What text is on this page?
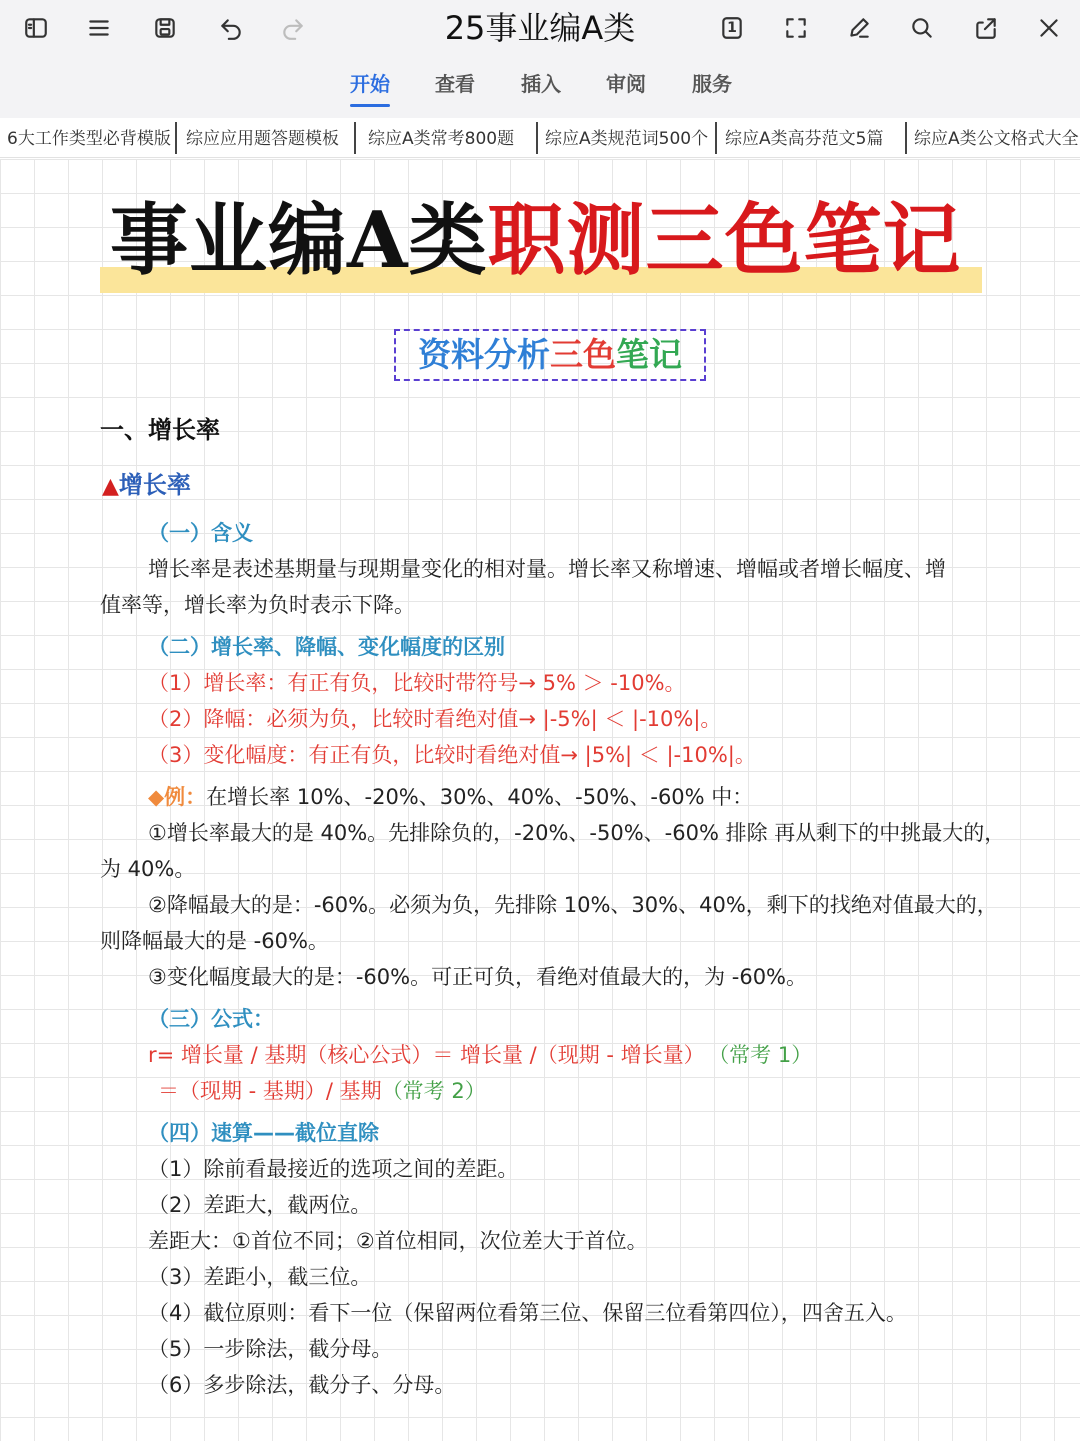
25事业编A类	1
开始 查看 插入 审阅 服务
6大工作类型必背模版 综应应用题答题模板 综应A类常考800题 综应A类规范词500个 综应A类高芬范文5篇 综应A类公文格式大全
事业编A类职测三色笔记
资料分析三色笔记
一、增长率
▲增长率
（一）含义
增长率是表述基期量与现期量变化的相对量。增长率又称增速、增幅或者增长幅度、增
值率等，增长率为负时表示下降。
（二）增长率、降幅、变化幅度的区别
（1）增长率：有正有负，比较时带符号→ 5% ＞ -10%。
（2）降幅：必须为负，比较时看绝对值→ |-5%| ＜ |-10%|。
（3）变化幅度：有正有负，比较时看绝对值→ |5%| ＜ |-10%|。
◆例：在增长率 10%、-20%、30%、40%、-50%、-60% 中：
①增长率最大的是 40%。先排除负的，-20%、-50%、-60% 排除 再从剩下的中挑最大的，
为 40%。
②降幅最大的是：-60%。必须为负，先排除 10%、30%、40%，剩下的找绝对值最大的，
则降幅最大的是 -60%。
③变化幅度最大的是：-60%。可正可负，看绝对值最大的，为 -60%。
（三）公式：
r= 增长量 / 基期（核心公式）＝ 增长量 /（现期 - 增长量） （常考 1）
＝（现期 - 基期）/ 基期（常考 2）
（四）速算——截位直除
（1）除前看最接近的选项之间的差距。
（2）差距大，截两位。
差距大：①首位不同；②首位相同，次位差大于首位。
（3）差距小，截三位。
（4）截位原则：看下一位（保留两位看第三位、保留三位看第四位），四舍五入。
（5）一步除法，截分母。
（6）多步除法，截分子、分母。
